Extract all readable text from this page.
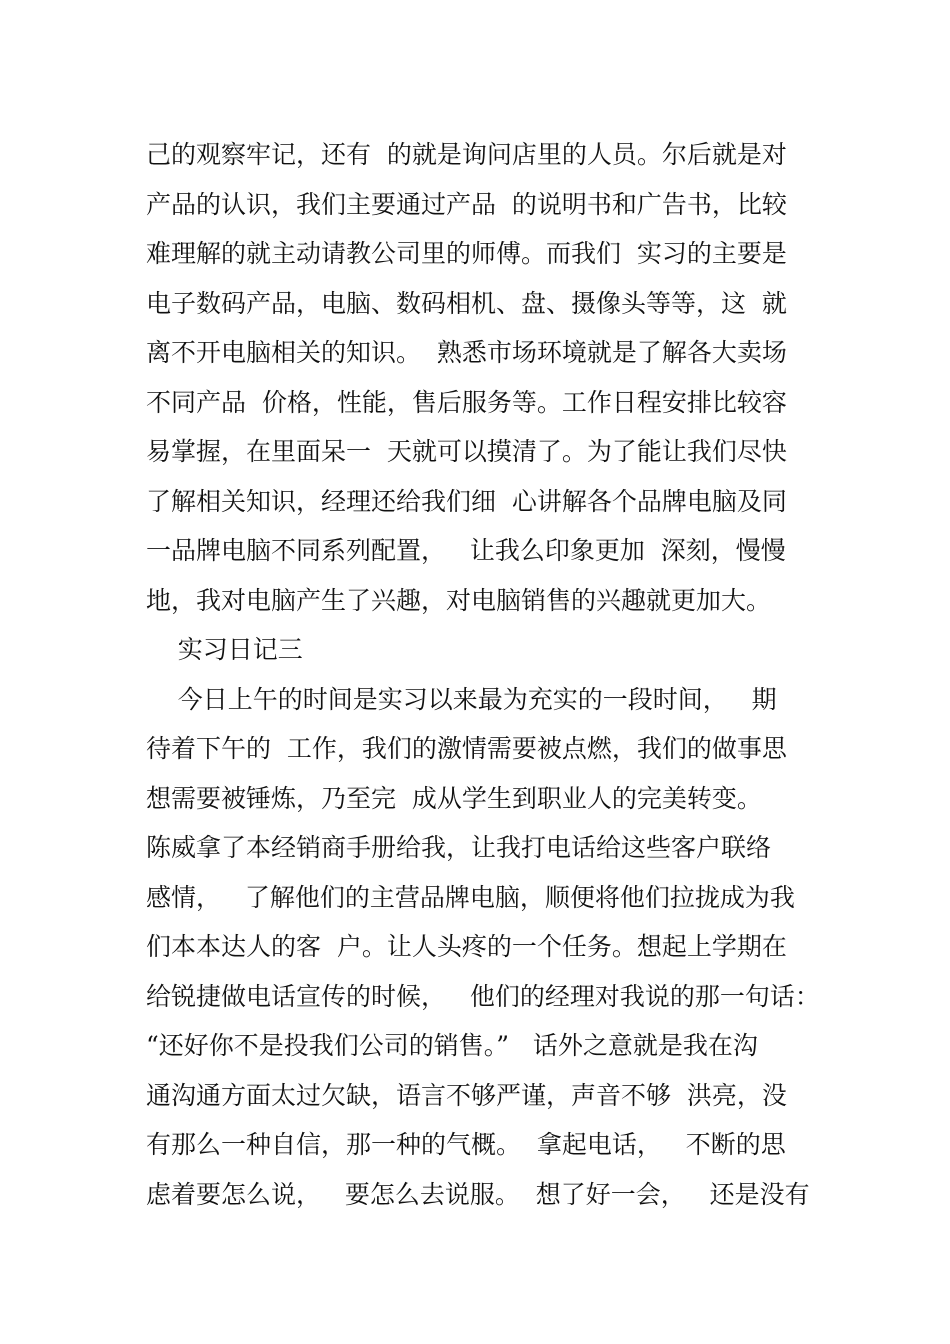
己的观察牢记，还有  的就是询问店里的人员。尔后就是对
产品的认识，我们主要通过产品  的说明书和广告书，比较
难理解的就主动请教公司里的师傅。而我们  实习的主要是
电子数码产品，电脑、数码相机、盘、摄像头等等，这  就
离不开电脑相关的知识。  熟悉市场环境就是了解各大卖场
不同产品  价格，性能，售后服务等。工作日程安排比较容
易掌握，在里面呆一  天就可以摸清了。为了能让我们尽快
了解相关知识，经理还给我们细  心讲解各个品牌电脑及同
一品牌电脑不同系列配置，   让我么印象更加  深刻，慢慢
地，我对电脑产生了兴趣，对电脑销售的兴趣就更加大。
实习日记三
今日上午的时间是实习以来最为充实的一段时间，   期
待着下午的  工作，我们的激情需要被点燃，我们的做事思
想需要被锤炼，乃至完  成从学生到职业人的完美转变。
陈威拿了本经销商手册给我，让我打电话给这些客户联络
感情，   了解他们的主营品牌电脑，顺便将他们拉拢成为我
们本本达人的客  户。让人头疼的一个任务。想起上学期在
给锐捷做电话宣传的时候，   他们的经理对我说的那一句话：
“还好你不是投我们公司的销售。”   话外之意就是我在沟
通沟通方面太过欠缺，语言不够严谨，声音不够  洪亮，没
有那么一种自信，那一种的气概。  拿起电话，   不断的思
虑着要怎么说，   要怎么去说服。  想了好一会，   还是没有
